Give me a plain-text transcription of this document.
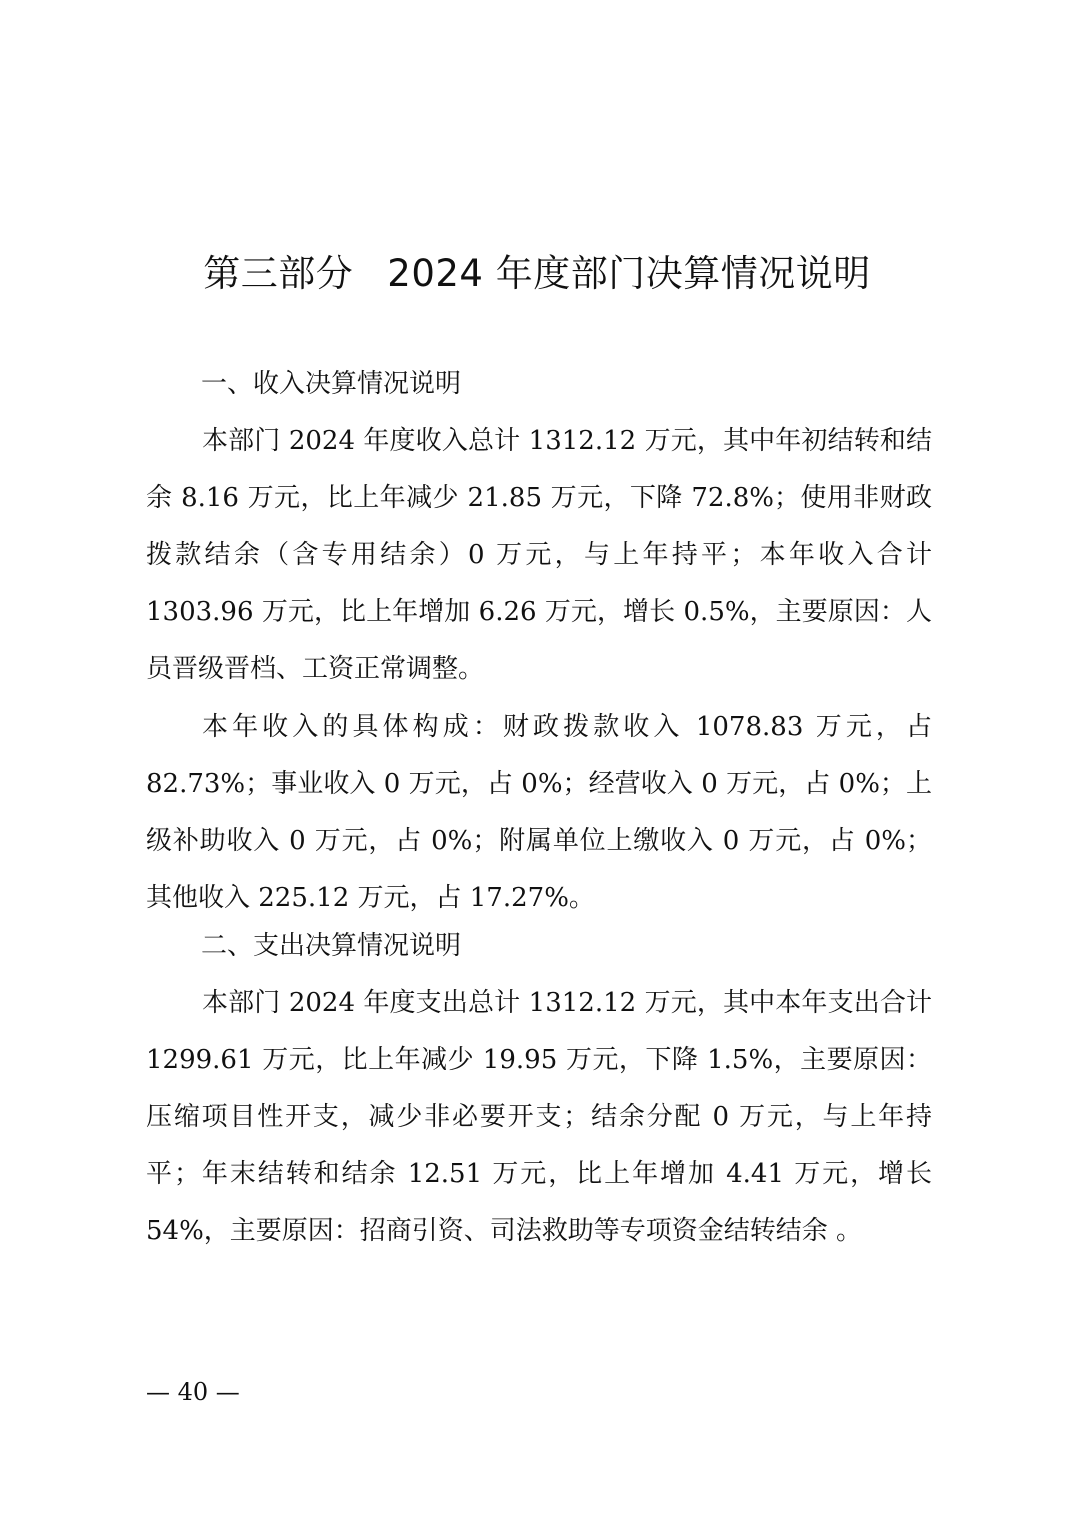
第三部分 2024 年度部门决算情况说明
一、收入决算情况说明

本部门 2024 年度收入总计 1312.12 万元，其中年初结转和结余 8.16 万元，比上年减少 21.85 万元，下降 72.8%；使用非财政拨款结余（含专用结余）0 万元，与上年持平；本年收入合计 1303.96 万元，比上年增加 6.26 万元，增长 0.5%，主要原因：人员晋级晋档、工资正常调整。

本年收入的具体构成：财政拨款收入 1078.83 万元，占 82.73%；事业收入 0 万元，占 0%；经营收入 0 万元，占 0%；上级补助收入 0 万元，占 0%；附属单位上缴收入 0 万元，占 0%；其他收入 225.12 万元，占 17.27%。

二、支出决算情况说明

本部门 2024 年度支出总计 1312.12 万元，其中本年支出合计 1299.61 万元，比上年减少 19.95 万元，下降 1.5%，主要原因：压缩项目性开支，减少非必要开支；结余分配 0 万元，与上年持平；年末结转和结余 12.51 万元，比上年增加 4.41 万元，增长 54%，主要原因：招商引资、司法救助等专项资金结转结余 。

— 40 —
